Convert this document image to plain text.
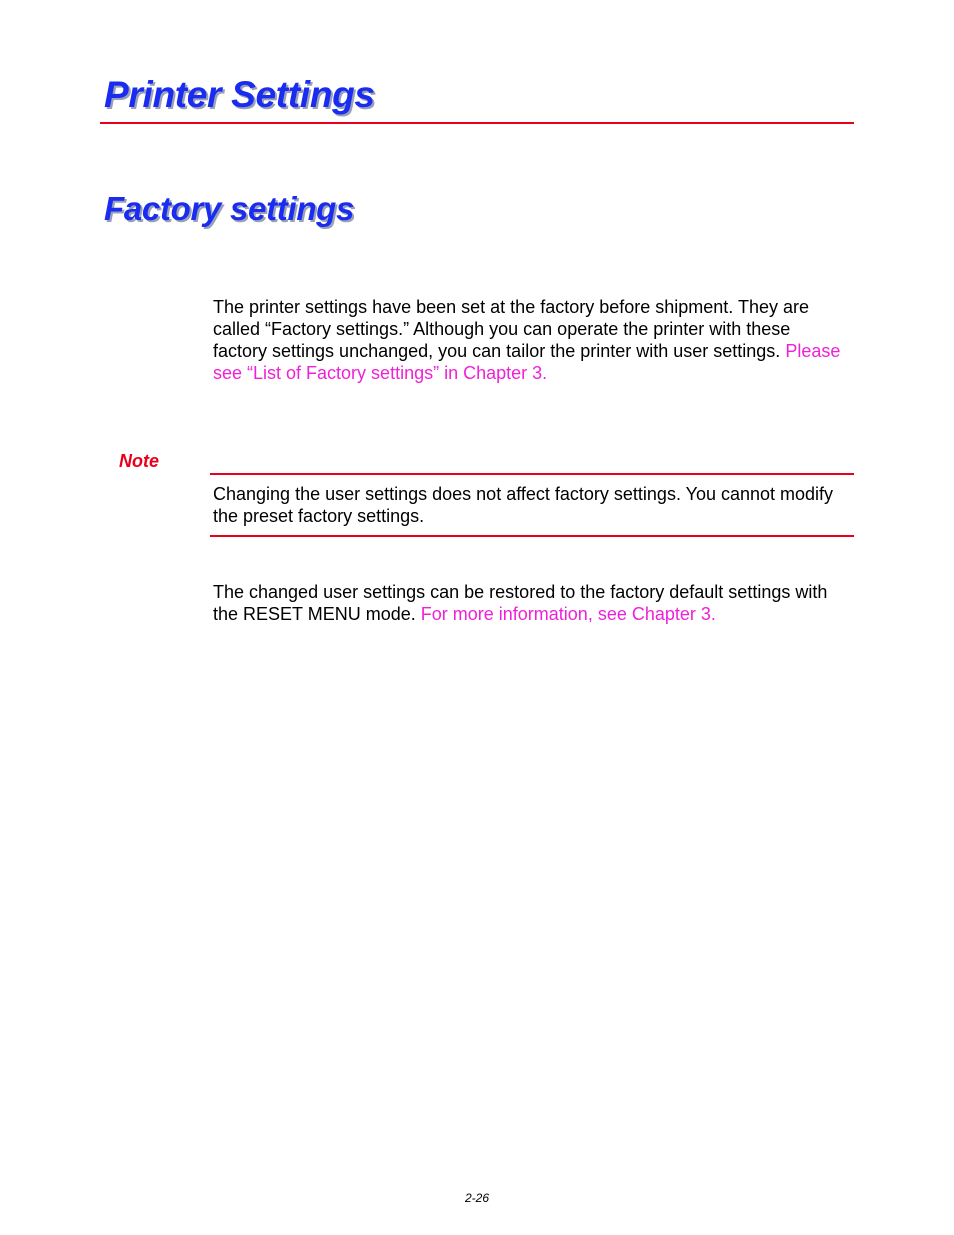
Printer Settings
Factory settings

The printer settings have been set at the factory before shipment. They are called “Factory settings.” Although you can operate the printer with these factory settings unchanged, you can tailor the printer with user settings. Please see “List of Factory settings” in Chapter 3.

Note

Changing the user settings does not affect factory settings. You cannot modify the preset factory settings.

The changed user settings can be restored to the factory default settings with the RESET MENU mode. For more information, see Chapter 3.

2-26
